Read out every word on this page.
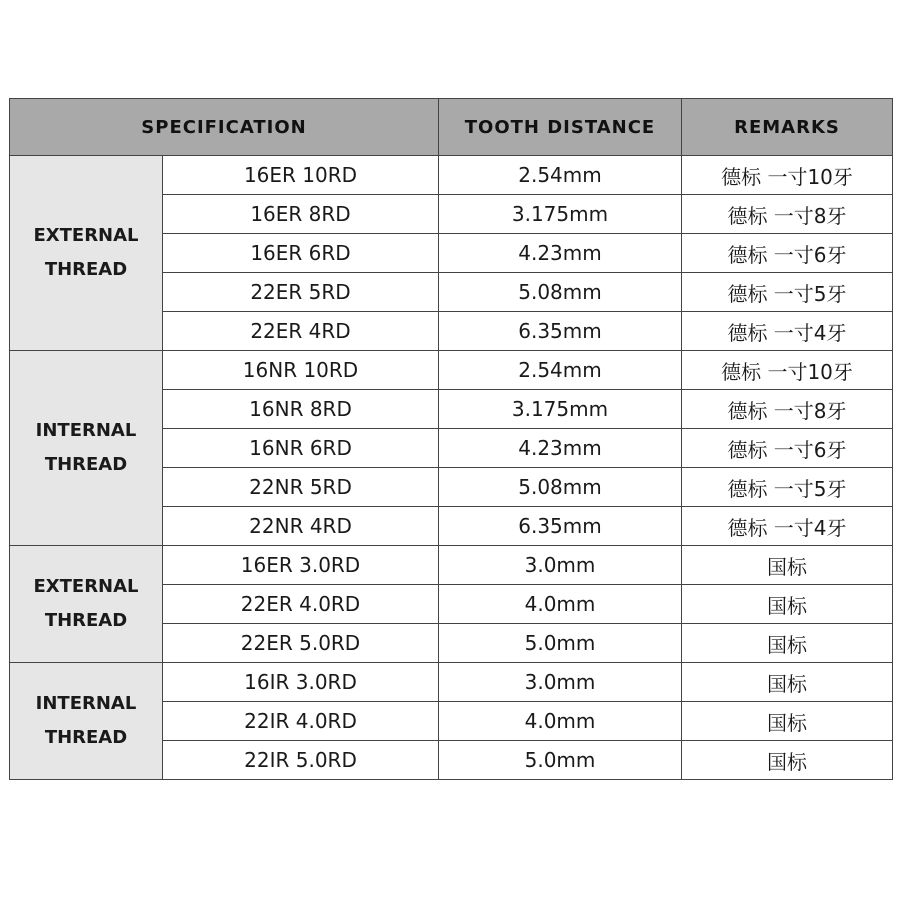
SPECIFICATION		TOOTH DISTANCE	REMARKS

EXTERNAL
THREAD	16ER 10RD	2.54mm	德标 一寸10牙
	16ER 8RD	3.175mm	德标 一寸8牙
	16ER 6RD	4.23mm	德标 一寸6牙
	22ER 5RD	5.08mm	德标 一寸5牙
	22ER 4RD	6.35mm	德标 一寸4牙

INTERNAL
THREAD	16NR 10RD	2.54mm	德标 一寸10牙
	16NR 8RD	3.175mm	德标 一寸8牙
	16NR 6RD	4.23mm	德标 一寸6牙
	22NR 5RD	5.08mm	德标 一寸5牙
	22NR 4RD	6.35mm	德标 一寸4牙

EXTERNAL
THREAD	16ER 3.0RD	3.0mm	国标
	22ER 4.0RD	4.0mm	国标
	22ER 5.0RD	5.0mm	国标

INTERNAL
THREAD	16IR 3.0RD	3.0mm	国标
	22IR 4.0RD	4.0mm	国标
	22IR 5.0RD	5.0mm	国标
